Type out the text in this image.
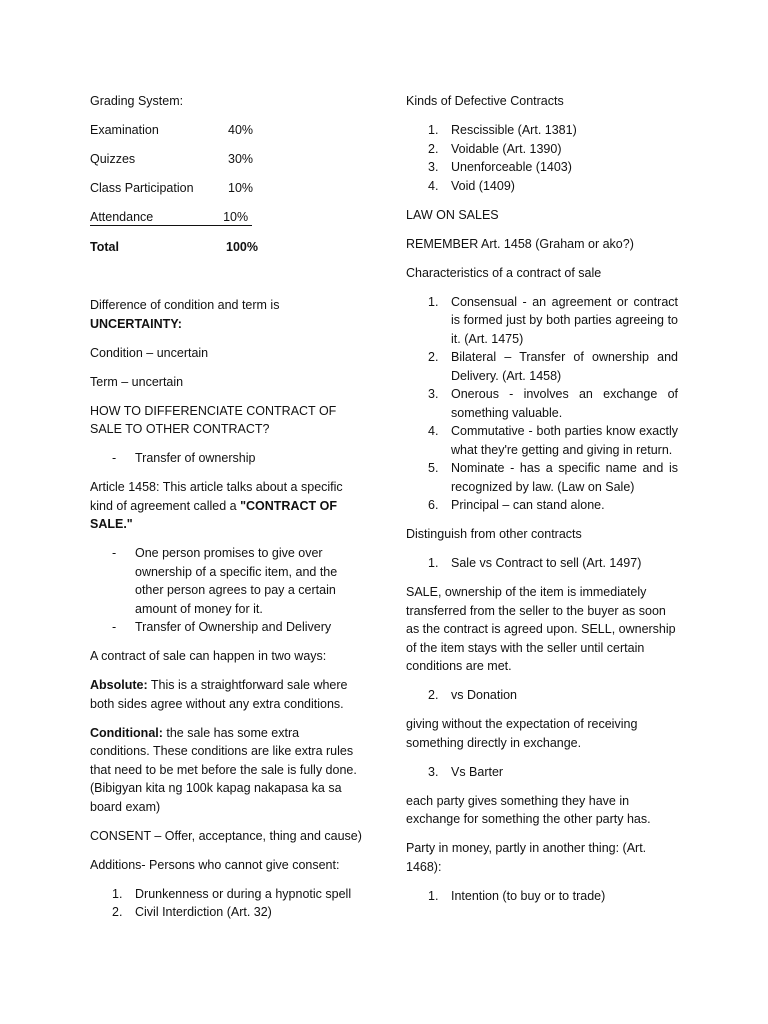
Grading System:

Examination	40%
Quizzes	30%
Class Participation	10%
Attendance	10%
Total	100%

Difference of condition and term is UNCERTAINTY:

Condition – uncertain

Term – uncertain

HOW TO DIFFERENCIATE CONTRACT OF SALE TO OTHER CONTRACT?

-	Transfer of ownership

Article 1458: This article talks about a specific kind of agreement called a "CONTRACT OF SALE."

-	One person promises to give over ownership of a specific item, and the other person agrees to pay a certain amount of money for it.
-	Transfer of Ownership and Delivery

A contract of sale can happen in two ways:

Absolute: This is a straightforward sale where both sides agree without any extra conditions.

Conditional: the sale has some extra conditions. These conditions are like extra rules that need to be met before the sale is fully done. (Bibigyan kita ng 100k kapag nakapasa ka sa board exam)

CONSENT – Offer, acceptance, thing and cause)

Additions- Persons who cannot give consent:

1.	Drunkenness or during a hypnotic spell
2.	Civil Interdiction (Art. 32)

Kinds of Defective Contracts

1.	Rescissible (Art. 1381)
2.	Voidable (Art. 1390)
3.	Unenforceable (1403)
4.	Void (1409)

LAW ON SALES

REMEMBER Art. 1458 (Graham or ako?)

Characteristics of a contract of sale

1.	Consensual - an agreement or contract is formed just by both parties agreeing to it. (Art. 1475)
2.	Bilateral – Transfer of ownership and Delivery. (Art. 1458)
3.	Onerous - involves an exchange of something valuable.
4.	Commutative - both parties know exactly what they're getting and giving in return.
5.	Nominate - has a specific name and is recognized by law. (Law on Sale)
6.	Principal – can stand alone.

Distinguish from other contracts

1.	Sale vs Contract to sell (Art. 1497)

SALE, ownership of the item is immediately transferred from the seller to the buyer as soon as the contract is agreed upon. SELL, ownership of the item stays with the seller until certain conditions are met.

2.	vs Donation

giving without the expectation of receiving something directly in exchange.

3.	Vs Barter

each party gives something they have in exchange for something the other party has.

Party in money, partly in another thing: (Art. 1468):

1.	Intention (to buy or to trade)
